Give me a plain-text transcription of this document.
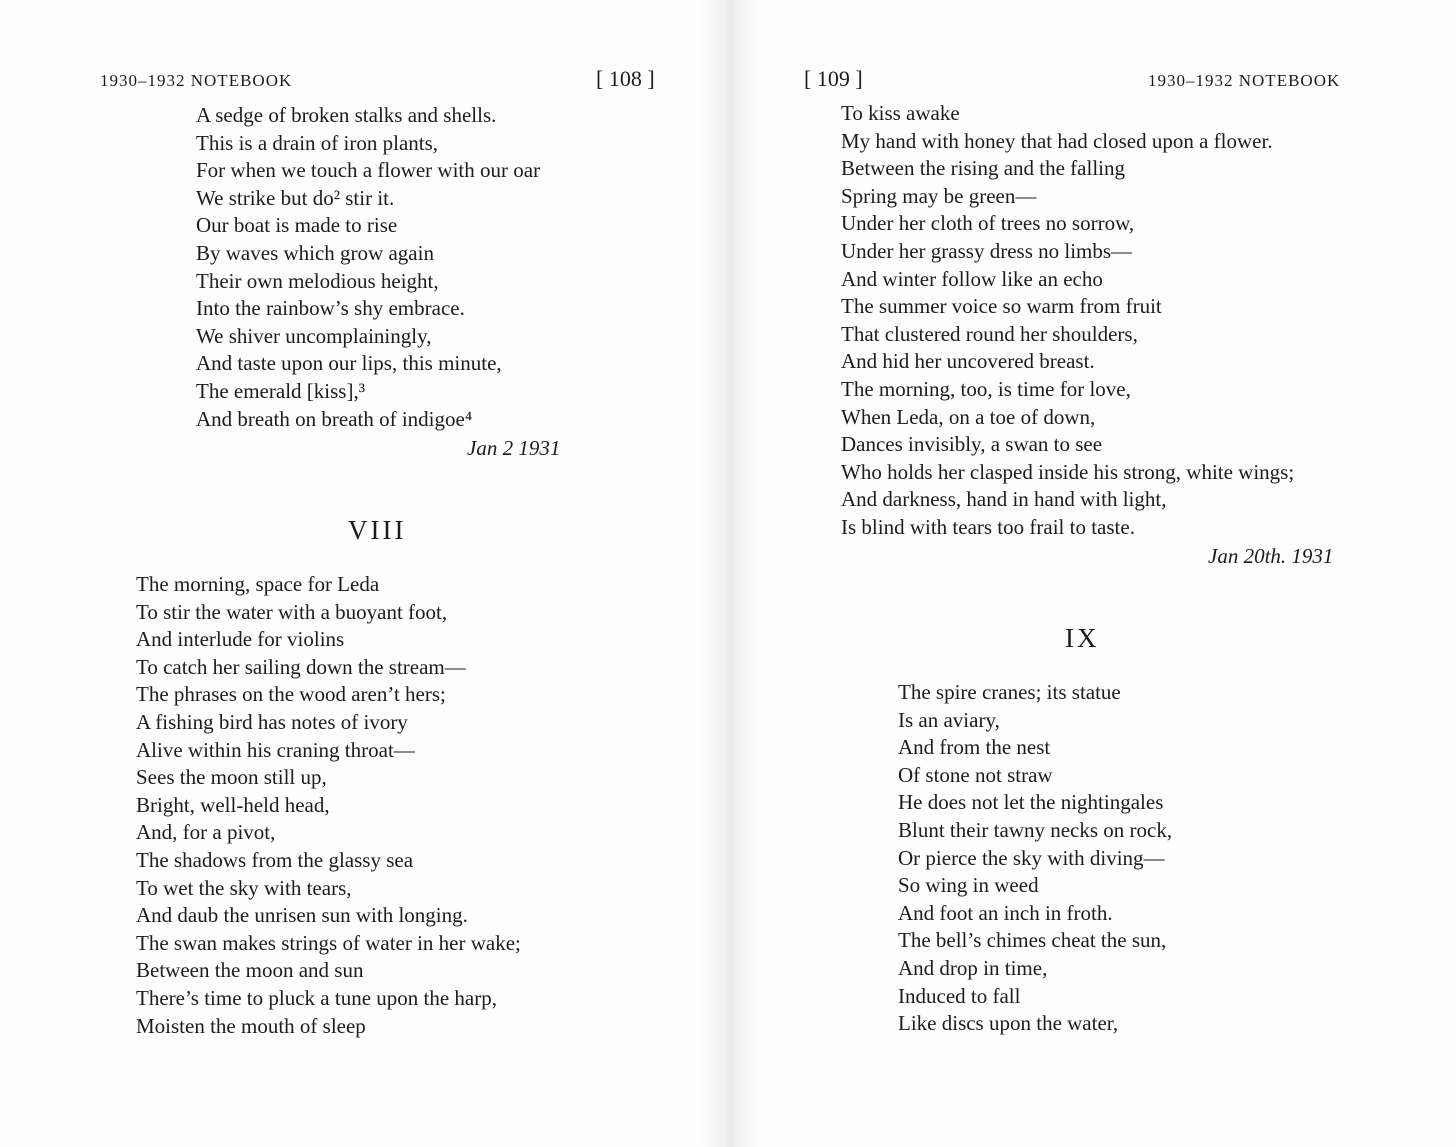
1930–1932 NOTEBOOK	[ 108 ]
A sedge of broken stalks and shells.
This is a drain of iron plants,
For when we touch a flower with our oar
We strike but do² stir it.
Our boat is made to rise
By waves which grow again
Their own melodious height,
Into the rainbow’s shy embrace.
We shiver uncomplainingly,
And taste upon our lips, this minute,
The emerald [kiss],³
And breath on breath of indigoe⁴
Jan 2 1931
VIII
The morning, space for Leda
To stir the water with a buoyant foot,
And interlude for violins
To catch her sailing down the stream—
The phrases on the wood aren’t hers;
A fishing bird has notes of ivory
Alive within his craning throat—
Sees the moon still up,
Bright, well-held head,
And, for a pivot,
The shadows from the glassy sea
To wet the sky with tears,
And daub the unrisen sun with longing.
The swan makes strings of water in her wake;
Between the moon and sun
There’s time to pluck a tune upon the harp,
Moisten the mouth of sleep
[ 109 ]	1930–1932 NOTEBOOK
To kiss awake
My hand with honey that had closed upon a flower.
Between the rising and the falling
Spring may be green—
Under her cloth of trees no sorrow,
Under her grassy dress no limbs—
And winter follow like an echo
The summer voice so warm from fruit
That clustered round her shoulders,
And hid her uncovered breast.
The morning, too, is time for love,
When Leda, on a toe of down,
Dances invisibly, a swan to see
Who holds her clasped inside his strong, white wings;
And darkness, hand in hand with light,
Is blind with tears too frail to taste.
Jan 20th. 1931
IX
The spire cranes; its statue
Is an aviary,
And from the nest
Of stone not straw
He does not let the nightingales
Blunt their tawny necks on rock,
Or pierce the sky with diving—
So wing in weed
And foot an inch in froth.
The bell’s chimes cheat the sun,
And drop in time,
Induced to fall
Like discs upon the water,
